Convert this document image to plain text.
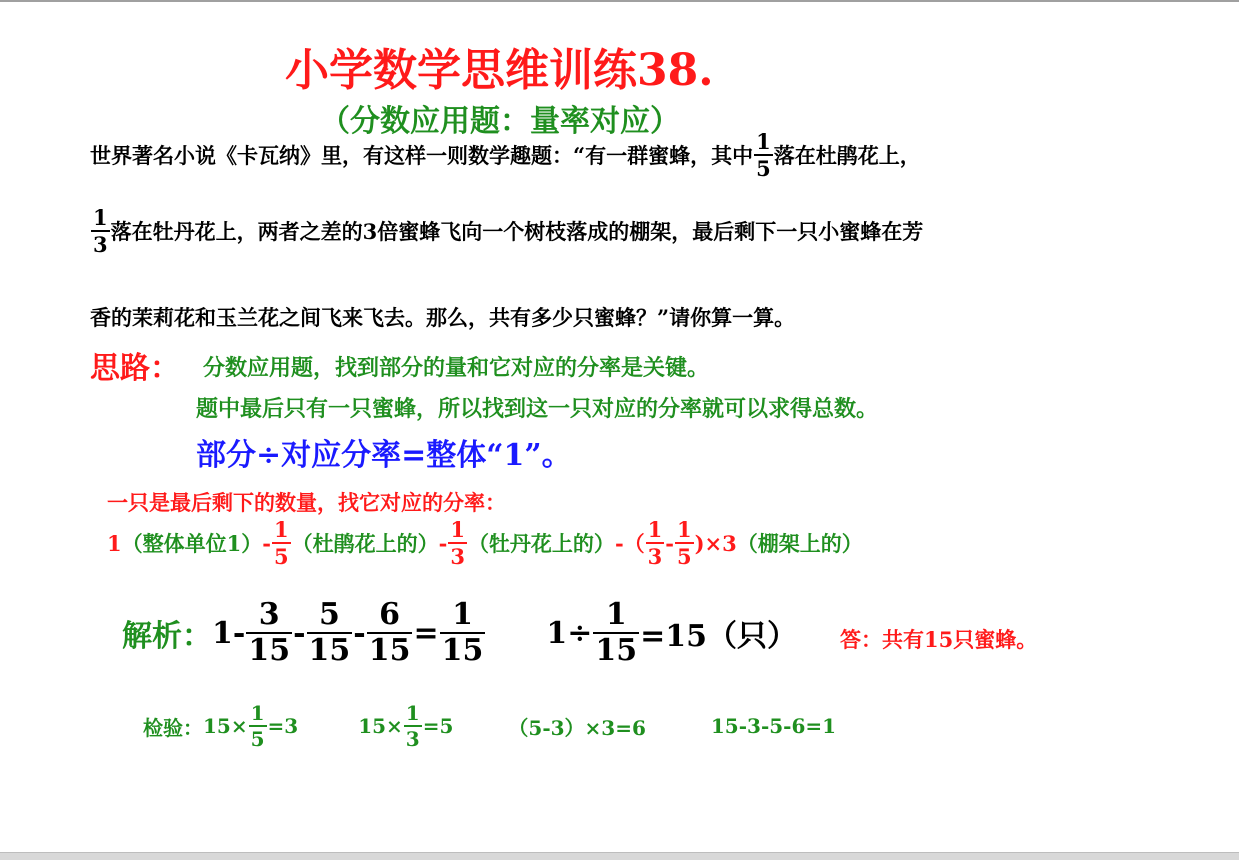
小学数学思维训练38.
（分数应用题：量率对应）
世界著名小说《卡瓦纳》里，有这样一则数学趣题：“有一群蜜蜂，其中 $\frac{1}{5}$ 落在杜鹃花上，
$\frac{1}{3}$ 落在牡丹花上，两者之差的3倍蜜蜂飞向一个树枝落成的棚架，最后剩下一只小蜜蜂在芳
香的茉莉花和玉兰花之间飞来飞去。那么，共有多少只蜜蜂？”请你算一算。
思路： 分数应用题，找到部分的量和它对应的分率是关键。
题中最后只有一只蜜蜂，所以找到这一只对应的分率就可以求得总数。
部分÷对应分率=整体“1”。
一只是最后剩下的数量，找它对应的分率：
1 （整体单位$1) - \frac{1}{5}$ （杜鹃花上的） - $\frac{1}{3}$ （牡丹花上的） -（ $\frac{1}{3} - \frac{1}{5} )\times 3$ （棚架上的）
解析： $1- \frac{3}{15} - \frac{5}{15} - \frac{6}{15} = \frac{1}{15} 1\div \frac{1}{15} =15$（只） 答：共有15只蜜蜂。
检验： $15\times \frac{1}{5} =3$	$15\times \frac{1}{3} =5$	（5-3）×3=6	15-3-5-6=1
